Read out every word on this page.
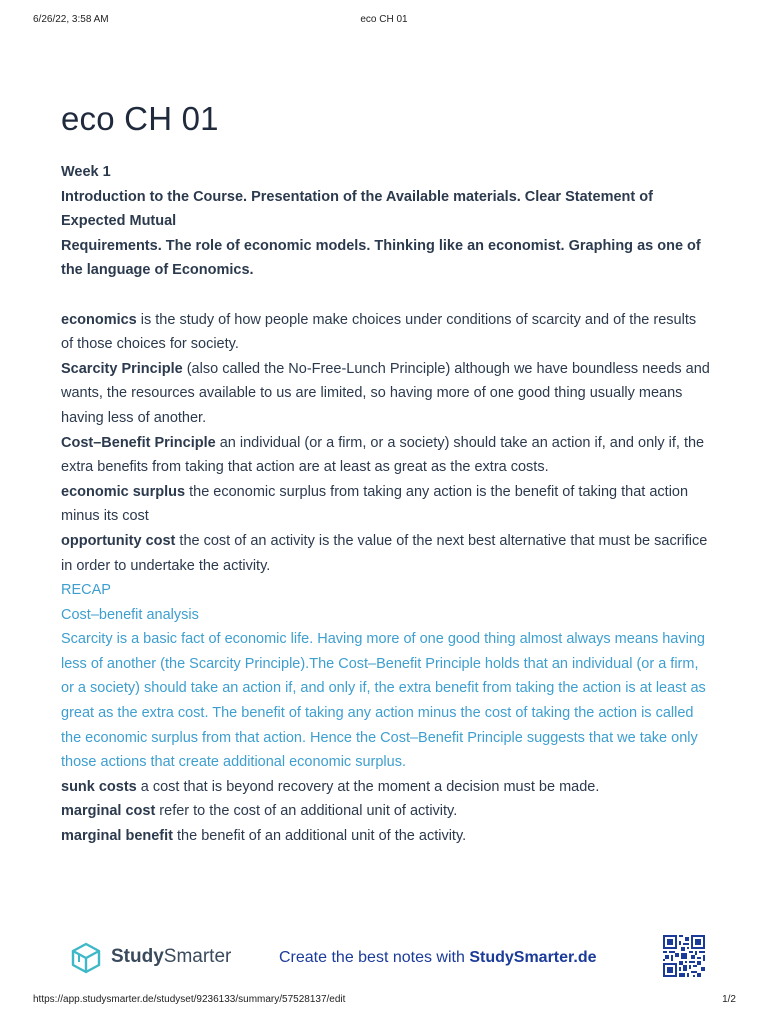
6/26/22, 3:58 AM	eco CH 01
eco CH 01

Week 1

Introduction to the Course. Presentation of the Available materials. Clear Statement of Expected Mutual

Requirements. The role of economic models. Thinking like an economist. Graphing as one of the language of Economics.

economics is the study of how people make choices under conditions of scarcity and of the results of those choices for society.

Scarcity Principle (also called the No-Free-Lunch Principle) although we have boundless needs and wants, the resources available to us are limited, so having more of one good thing usually means having less of another.

Cost–Benefit Principle an individual (or a firm, or a society) should take an action if, and only if, the extra benefits from taking that action are at least as great as the extra costs.

economic surplus the economic surplus from taking any action is the benefit of taking that action minus its cost

opportunity cost the cost of an activity is the value of the next best alternative that must be sacrifice in order to undertake the activity.

RECAP

Cost–benefit analysis

Scarcity is a basic fact of economic life. Having more of one good thing almost always means having less of another (the Scarcity Principle).The Cost–Benefit Principle holds that an individual (or a firm, or a society) should take an action if, and only if, the extra benefit from taking the action is at least as great as the extra cost. The benefit of taking any action minus the cost of taking the action is called the economic surplus from that action. Hence the Cost–Benefit Principle suggests that we take only those actions that create additional economic surplus.

sunk costs a cost that is beyond recovery at the moment a decision must be made.

marginal cost refer to the cost of an additional unit of activity.

marginal benefit the benefit of an additional unit of the activity.

StudySmarter	Create the best notes with StudySmarter.de
https://app.studysmarter.de/studyset/9236133/summary/57528137/edit	1/2
